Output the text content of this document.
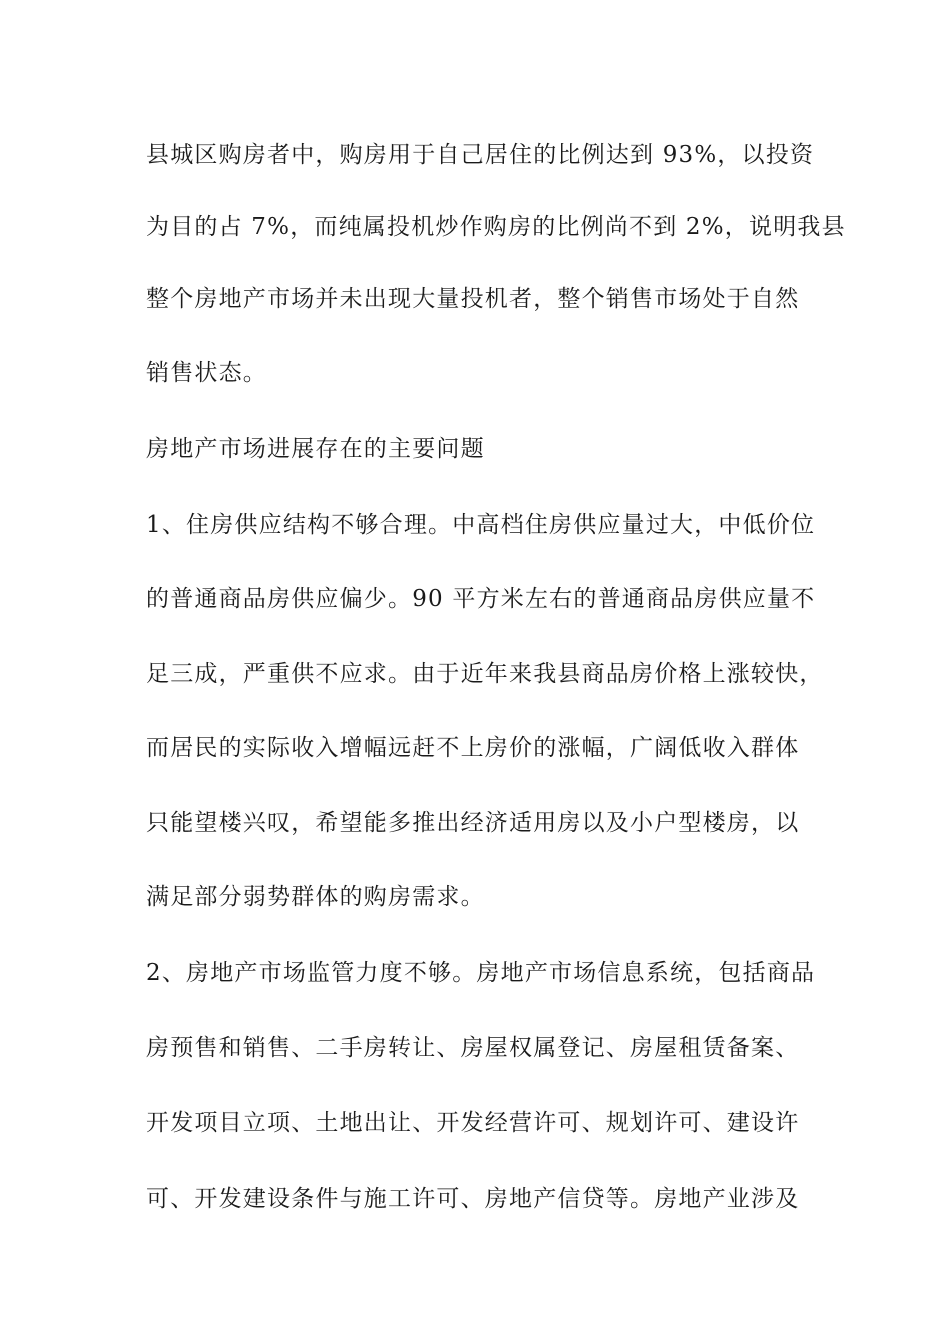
县城区购房者中，购房用于自己居住的比例达到 93%，以投资
为目的占 7%，而纯属投机炒作购房的比例尚不到 2%，说明我县
整个房地产市场并未出现大量投机者，整个销售市场处于自然
销售状态。
房地产市场进展存在的主要问题
1、住房供应结构不够合理。中高档住房供应量过大，中低价位
的普通商品房供应偏少。90 平方米左右的普通商品房供应量不
足三成，严重供不应求。由于近年来我县商品房价格上涨较快，
而居民的实际收入增幅远赶不上房价的涨幅，广阔低收入群体
只能望楼兴叹，希望能多推出经济适用房以及小户型楼房，以
满足部分弱势群体的购房需求。
2、房地产市场监管力度不够。房地产市场信息系统，包括商品
房预售和销售、二手房转让、房屋权属登记、房屋租赁备案、
开发项目立项、土地出让、开发经营许可、规划许可、建设许
可、开发建设条件与施工许可、房地产信贷等。房地产业涉及
